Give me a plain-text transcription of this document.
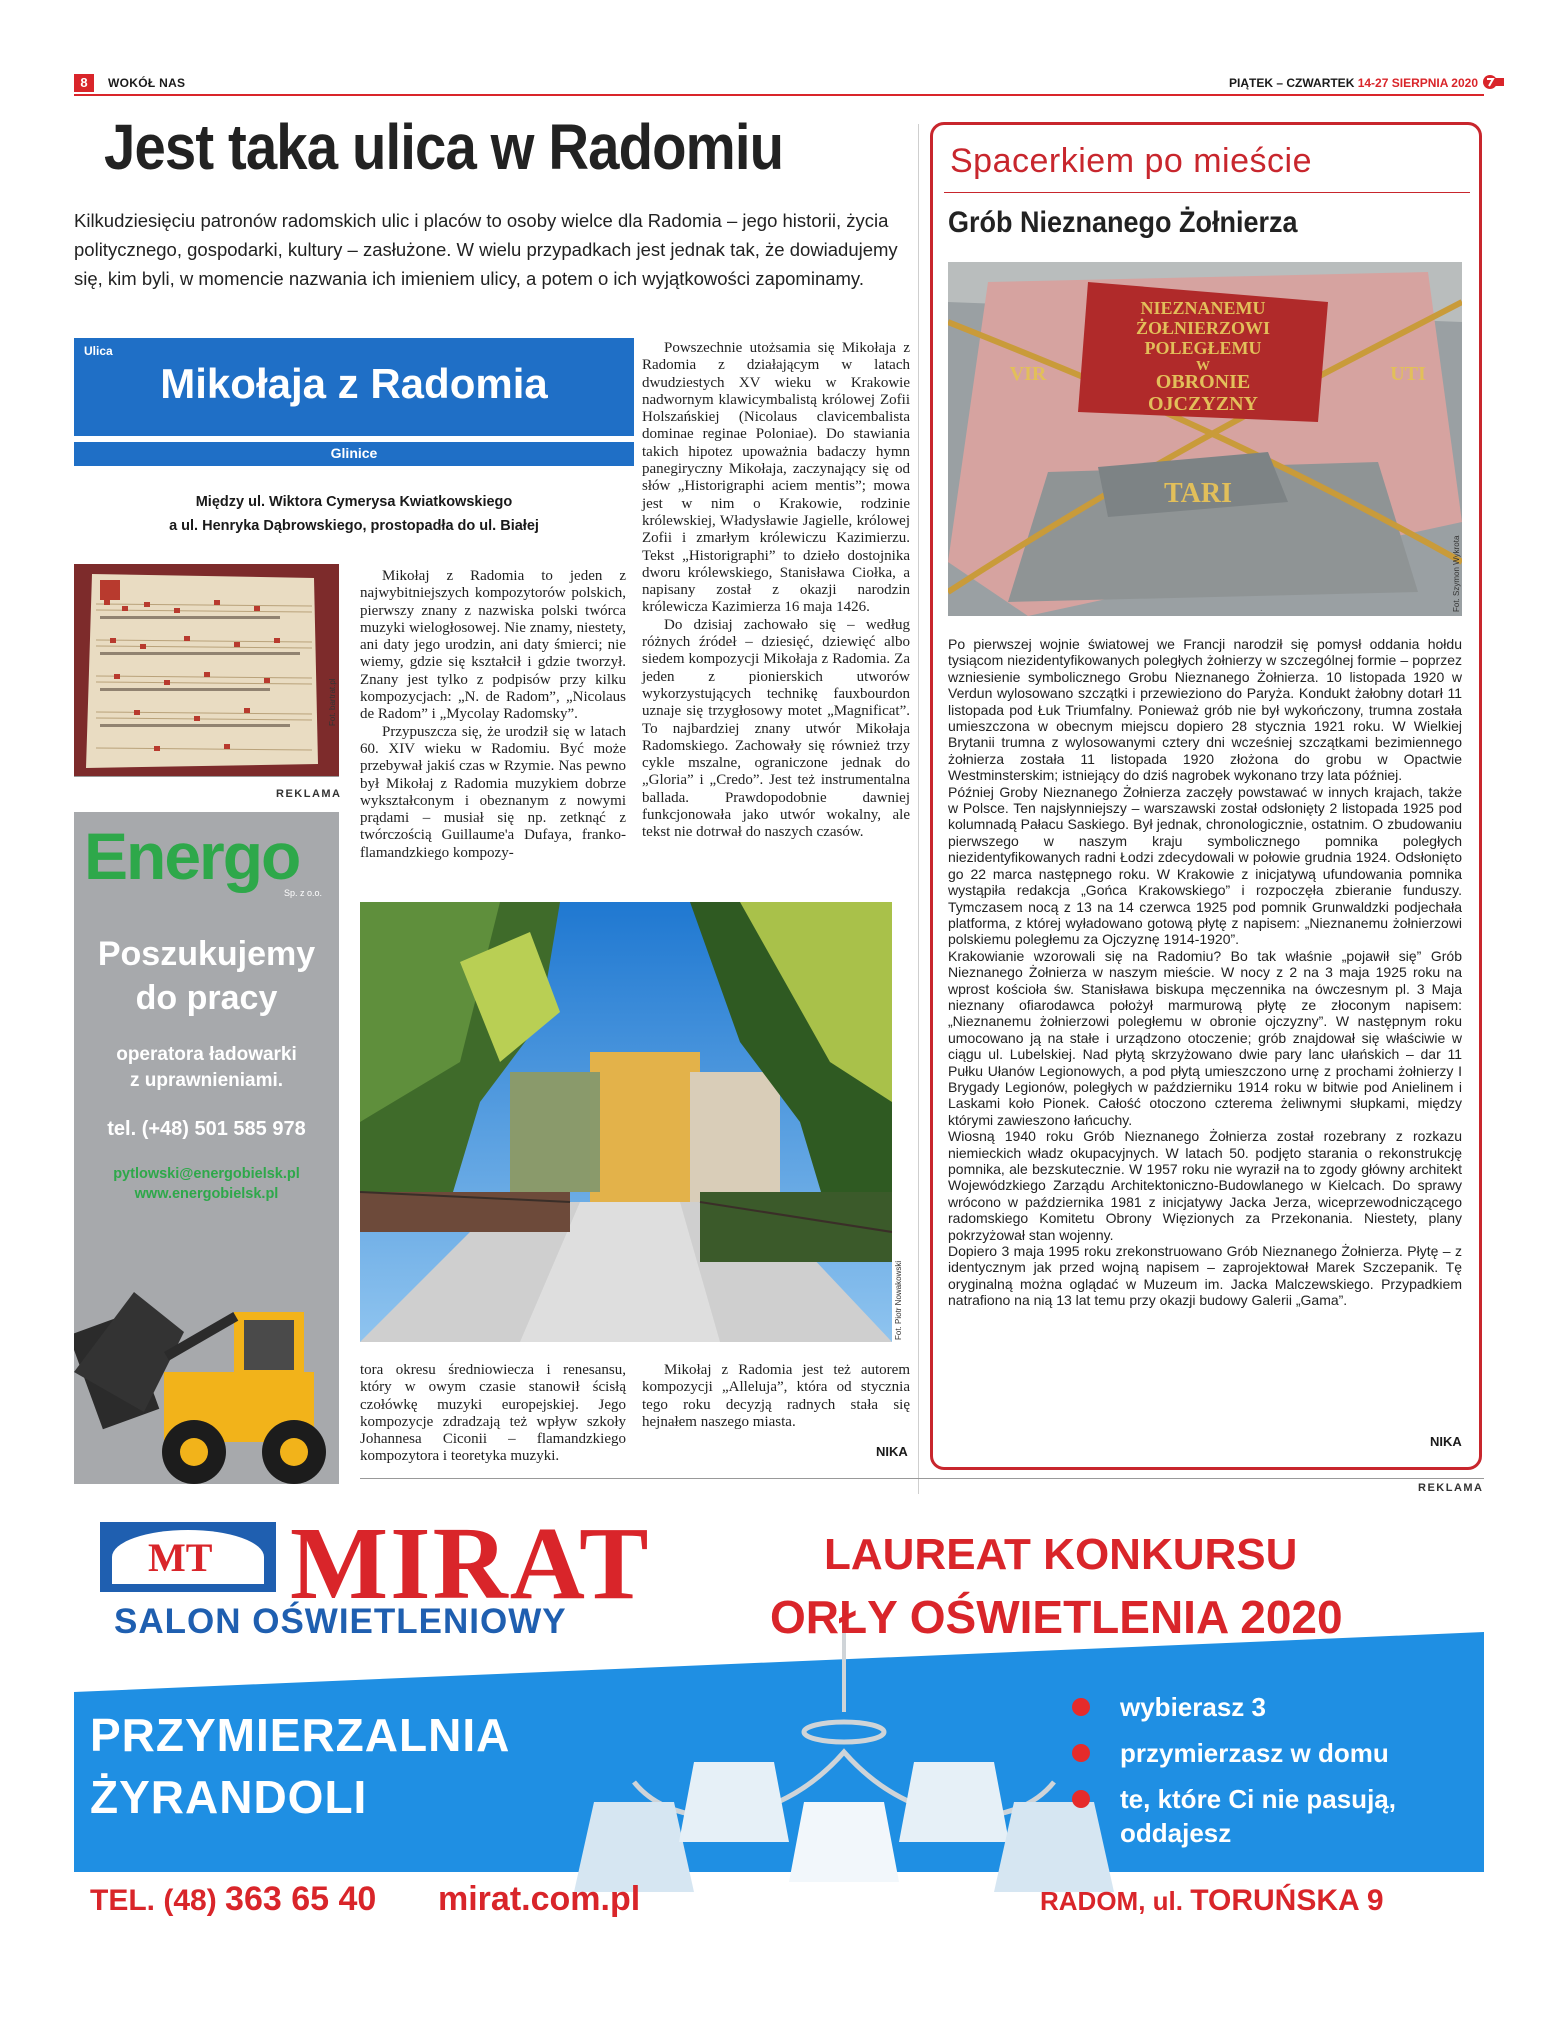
8	WOKÓŁ NAS	PIĄTEK – CZWARTEK 14-27 SIERPNIA 2020
Jest taka ulica w Radomiu
Kilkudziesięciu patronów radomskich ulic i placów to osoby wielce dla Radomia – jego historii, życia politycznego, gospodarki, kultury – zasłużone. W wielu przypadkach jest jednak tak, że dowiadujemy się, kim byli, w momencie nazwania ich imieniem ulicy, a potem o ich wyjątkowości zapominamy.
Ulica
Mikołaja z Radomia
Glinice
Między ul. Wiktora Cymerysa Kwiatkowskiego
a ul. Henryka Dąbrowskiego, prostopadła do ul. Białej
Fot. bartrat.pl

Mikołaj z Radomia to jeden z najwybitniejszych kompozytorów polskich, pierwszy znany z nazwiska polski twórca muzyki wielogłosowej. Nie znamy, niestety, ani daty jego urodzin, ani daty śmierci; nie wiemy, gdzie się kształcił i gdzie tworzył. Znany jest tylko z podpisów przy kilku kompozycjach: „N. de Radom”, „Nicolaus de Radom” i „Mycolay Radomsky”.

Przypuszcza się, że urodził się w latach 60. XIV wieku w Radomiu. Być może przebywał jakiś czas w Rzymie. Nas pewno był Mikołaj z Radomia muzykiem dobrze wykształconym i obeznanym z nowymi prądami – musiał się np. zetknąć z twórczością Guillaume'a Dufaya, franko-flamandzkiego kompozy-

Powszechnie utożsamia się Mikołaja z Radomia z działającym w latach dwudziestych XV wieku w Krakowie nadwornym klawicymbalistą królowej Zofii Holszańskiej (Nicolaus clavicembalista dominae reginae Poloniae). Do stawiania takich hipotez upoważnia badaczy hymn panegiryczny Mikołaja, zaczynający się od słów „Historigraphi aciem mentis”; mowa jest w nim o Krakowie, rodzinie królewskiej, Władysławie Jagielle, królowej Zofii i zmarłym królewiczu Kazimierzu. Tekst „Historigraphi” to dzieło dostojnika dworu królewskiego, Stanisława Ciołka, a napisany został z okazji narodzin królewicza Kazimierza 16 maja 1426.

Do dzisiaj zachowało się – według różnych źródeł – dziesięć, dziewięć albo siedem kompozycji Mikołaja z Radomia. Za jeden z pionierskich utworów wykorzystujących technikę fauxbourdon uznaje się trzygłosowy motet „Magnificat”. To najbardziej znany utwór Mikołaja Radomskiego. Zachowały się również trzy cykle mszalne, ograniczone jednak do „Gloria” i „Credo”. Jest też instrumentalna ballada. Prawdopodobnie dawniej funkcjonowała jako utwór wokalny, ale tekst nie dotrwał do naszych czasów.

Fot. Piotr Nowakowski
tora okresu średniowiecza i renesansu, który w owym czasie stanowił ścisłą czołówkę muzyki europejskiej. Jego kompozycje zdradzają też wpływ szkoły Johannesa Ciconii – flamandzkiego kompozytora i teoretyka muzyki.

Mikołaj z Radomia jest też autorem kompozycji „Alleluja”, która od stycznia tego roku decyzją radnych stała się hejnałem naszego miasta.

NIKA
REKLAMA
Energo
Sp. z o.o.
Poszukujemy
do pracy
operatora ładowarki
z uprawnieniami.
tel. (+48) 501 585 978
pytlowski@energobielsk.pl
www.energobielsk.pl
Spacerkiem po mieście
Grób Nieznanego Żołnierza
NIEZNANEMU
ŻOŁNIERZOWI
POLEGŁEMU
W
OBRONIE
OJCZYZNY
VIR	UTI
TARI
Fot. Szymon Wykrota
Po pierwszej wojnie światowej we Francji narodził się pomysł oddania hołdu tysiącom niezidentyfikowanych poległych żołnierzy w szczególnej formie – poprzez wzniesienie symbolicznego Grobu Nieznanego Żołnierza. 10 listopada 1920 w Verdun wylosowano szczątki i przewieziono do Paryża. Kondukt żałobny dotarł 11 listopada pod Łuk Triumfalny. Ponieważ grób nie był wykończony, trumna została umieszczona w obecnym miejscu dopiero 28 stycznia 1921 roku. W Wielkiej Brytanii trumna z wylosowanymi cztery dni wcześniej szczątkami bezimiennego żołnierza została 11 listopada 1920 złożona do grobu w Opactwie Westminsterskim; istniejący do dziś nagrobek wykonano trzy lata później.
Później Groby Nieznanego Żołnierza zaczęły powstawać w innych krajach, także w Polsce. Ten najsłynniejszy – warszawski został odsłonięty 2 listopada 1925 pod kolumnadą Pałacu Saskiego. Był jednak, chronologicznie, ostatnim. O zbudowaniu pierwszego w naszym kraju symbolicznego pomnika poległych niezidentyfikowanych radni Łodzi zdecydowali w połowie grudnia 1924. Odsłonięto go 22 marca następnego roku. W Krakowie z inicjatywą ufundowania pomnika wystąpiła redakcja „Gońca Krakowskiego” i rozpoczęła zbieranie funduszy. Tymczasem nocą z 13 na 14 czerwca 1925 pod pomnik Grunwaldzki podjechała platforma, z której wyładowano gotową płytę z napisem: „Nieznanemu żołnierzowi polskiemu poległemu za Ojczyznę 1914-1920”.
Krakowianie wzorowali się na Radomiu? Bo tak właśnie „pojawił się” Grób Nieznanego Żołnierza w naszym mieście. W nocy z 2 na 3 maja 1925 roku na wprost kościoła św. Stanisława biskupa męczennika na ówczesnym pl. 3 Maja nieznany ofiarodawca położył marmurową płytę ze złoconym napisem: „Nieznanemu żołnierzowi poległemu w obronie ojczyzny”. W następnym roku umocowano ją na stałe i urządzono otoczenie; grób znajdował się właściwie w ciągu ul. Lubelskiej. Nad płytą skrzyżowano dwie pary lanc ułańskich – dar 11 Pułku Ułanów Legionowych, a pod płytą umieszczono urnę z prochami żołnierzy I Brygady Legionów, poległych w październiku 1914 roku w bitwie pod Anielinem i Laskami koło Pionek. Całość otoczono czterema żeliwnymi słupkami, między którymi zawieszono łańcuchy.
Wiosną 1940 roku Grób Nieznanego Żołnierza został rozebrany z rozkazu niemieckich władz okupacyjnych. W latach 50. podjęto starania o rekonstrukcję pomnika, ale bezskutecznie. W 1957 roku nie wyraził na to zgody główny architekt Wojewódzkiego Zarządu Architektoniczno-Budowlanego w Kielcach. Do sprawy wrócono w października 1981 z inicjatywy Jacka Jerza, wiceprzewodniczącego radomskiego Komitetu Obrony Więzionych za Przekonania. Niestety, plany pokrzyżował stan wojenny.
Dopiero 3 maja 1995 roku zrekonstruowano Grób Nieznanego Żołnierza. Płytę – z identycznym jak przed wojną napisem – zaprojektował Marek Szczepanik. Tę oryginalną można oglądać w Muzeum im. Jacka Malczewskiego. Przypadkiem natrafiono na nią 13 lat temu przy okazji budowy Galerii „Gama”.
NIKA
REKLAMA
MT MIRAT
SALON OŚWIETLENIOWY
LAUREAT KONKURSU
ORŁY OŚWIETLENIA 2020
PRZYMIERZALNIA
ŻYRANDOLI
wybierasz 3
przymierzasz w domu
te, które Ci nie pasują, oddajesz
TEL. (48) 363 65 40 mirat.com.pl	RADOM, ul. TORUŃSKA 9
